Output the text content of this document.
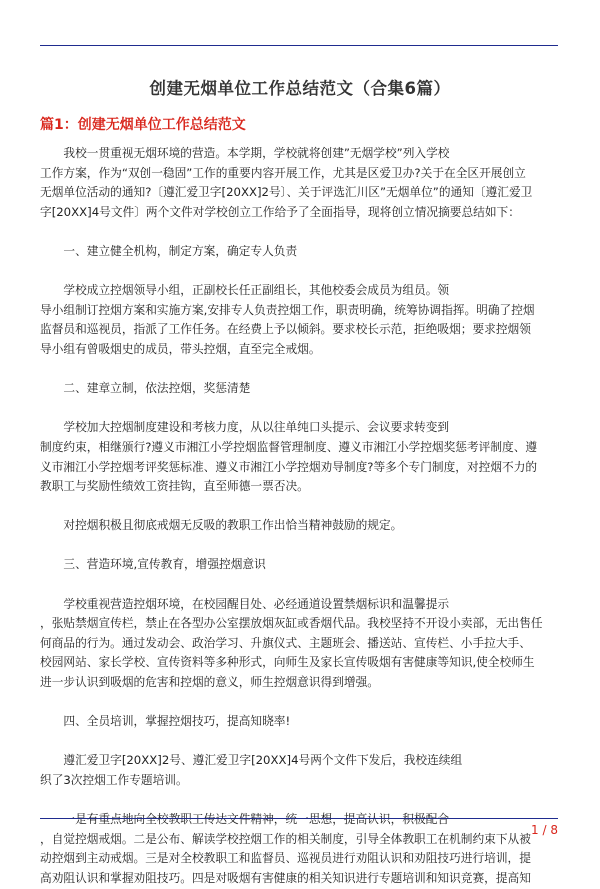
创建无烟单位工作总结范文（合集6篇）
篇1：创建无烟单位工作总结范文
　　我校一贯重视无烟环境的营造。本学期，学校就将创建”无烟学校”列入学校
工作方案，作为“双创一稳固”工作的重要内容开展工作，尤其是区爱卫办?关于在全区开展创立
无烟单位活动的通知?〔遵汇爱卫字[20XX]2号〕、关于评选汇川区”无烟单位”的通知〔遵汇爱卫
字[20XX]4号文件〕两个文件对学校创立工作给予了全面指导，现将创立情况摘要总结如下：
　　一、建立健全机构，制定方案，确定专人负责
　　学校成立控烟领导小组，正副校长任正副组长，其他校委会成员为组员。领
导小组制订控烟方案和实施方案,安排专人负责控烟工作，职责明确，统筹协调指挥。明确了控烟
监督员和巡视员，指派了工作任务。在经费上予以倾斜。要求校长示范，拒绝吸烟；要求控烟领
导小组有曾吸烟史的成员，带头控烟，直至完全戒烟。
　　二、建章立制，依法控烟，奖惩清楚
　　学校加大控烟制度建设和考核力度，从以往单纯口头提示、会议要求转变到
制度约束，相继颁行?遵义市湘江小学控烟监督管理制度、遵义市湘江小学控烟奖惩考评制度、遵
义市湘江小学控烟考评奖惩标准、遵义市湘江小学控烟劝导制度?等多个专门制度，对控烟不力的
教职工与奖励性绩效工资挂钩，直至师德一票否决。
　　对控烟积极且彻底戒烟无反吸的教职工作出恰当精神鼓励的规定。
　　三、营造环境,宣传教育，增强控烟意识
　　学校重视营造控烟环境，在校园醒目处、必经通道设置禁烟标识和温馨提示
，张贴禁烟宣传栏，禁止在各型办公室摆放烟灰缸或香烟代品。我校坚持不开设小卖部，无出售任
何商品的行为。通过发动会、政治学习、升旗仪式、主题班会、播送站、宣传栏、小手拉大手、
校园网站、家长学校、宣传资料等多种形式，向师生及家长宣传吸烟有害健康等知识,使全校师生
进一步认识到吸烟的危害和控烟的意义，师生控烟意识得到增强。
　　四、全员培训，掌握控烟技巧，提高知晓率!
　　遵汇爱卫字[20XX]2号、遵汇爱卫字[20XX]4号两个文件下发后，我校连续组
织了3次控烟工作专题培训。
　　一是有重点地向全校教职工传达文件精神，统一思想，提高认识，积极配合
，自觉控烟戒烟。二是公布、解读学校控烟工作的相关制度，引导全体教职工在机制约束下从被
动控烟到主动戒烟。三是对全校教职工和监督员、巡视员进行劝阻认识和劝阻技巧进行培训，提
高劝阻认识和掌握劝阻技巧。四是对吸烟有害健康的相关知识进行专题培训和知识竞赛，提高知
1 / 8
